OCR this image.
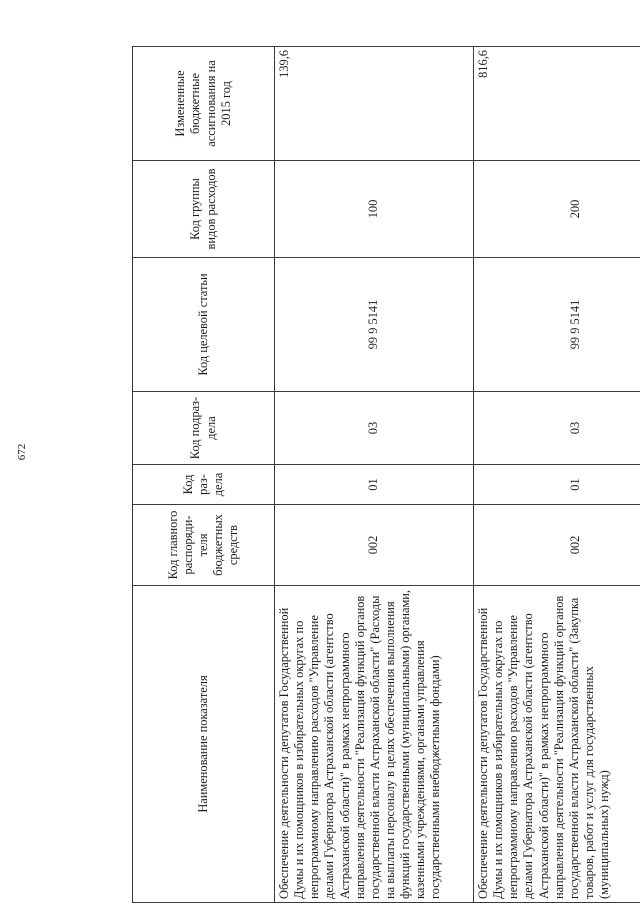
672
Наименование показателя	Код главного распоряди-теля бюджетных средств	Код раз-дела	Код подраз-дела	Код целевой статьи	Код группы видов расходов	Измененные бюджетные ассигнования на 2015 год
Обеспечение деятельности депутатов Государственной Думы и их помощников в избирательных округах по непрограммному направлению расходов "Управление делами Губернатора Астраханской области (агентство Астраханской области)" в рамках непрограммного направления деятельности "Реализация функций органов государственной власти Астраханской области" (Расходы на выплаты персоналу в целях обеспечения выполнения функций государственными (муниципальными) органами, казенными учреждениями, органами управления государственными внебюджетными фондами)	002	01	03	99 9 5141	100	139,6
Обеспечение деятельности депутатов Государственной Думы и их помощников в избирательных округах по непрограммному направлению расходов "Управление делами Губернатора Астраханской области (агентство Астраханской области)" в рамках непрограммного направления деятельности "Реализация функций органов государственной власти Астраханской области" (Закупка товаров, работ и услуг для государственных (муниципальных) нужд)	002	01	03	99 9 5141	200	816,6
